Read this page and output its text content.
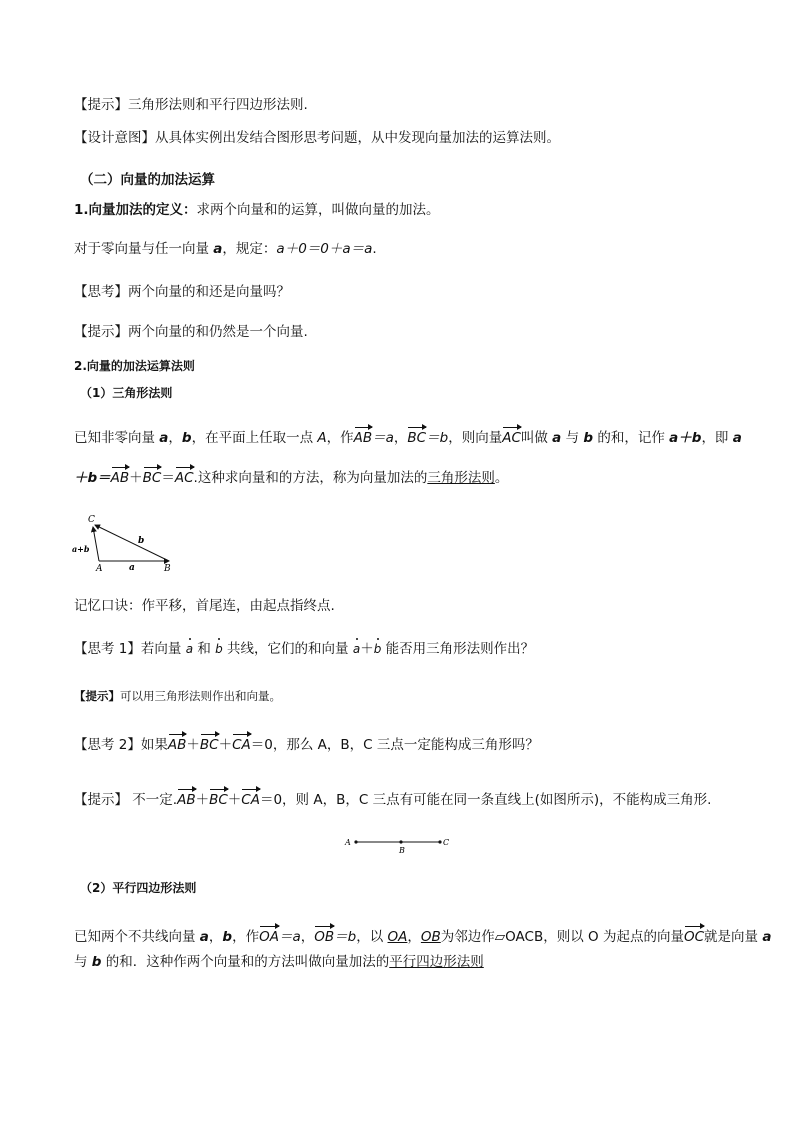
【提示】三角形法则和平行四边形法则.
【设计意图】从具体实例出发结合图形思考问题，从中发现向量加法的运算法则。
（二）向量的加法运算
1.向量加法的定义：求两个向量和的运算，叫做向量的加法。
对于零向量与任一向量 a，规定：a＋0＝0＋a＝a.
【思考】两个向量的和还是向量吗？
【提示】两个向量的和仍然是一个向量.
2.向量的加法运算法则
（1）三角形法则
已知非零向量 a，b，在平面上任取一点 A，作AB＝a，BC＝b，则向量AC叫做 a 与 b 的和，记作 a＋b，即 a
＋b＝AB＋BC＝AC.这种求向量和的方法，称为向量加法的三角形法则。
C
A	B
a
b
a+b
记忆口诀：作平移，首尾连，由起点指终点.
【思考 1】若向量 a 和 b 共线，它们的和向量 a＋b 能否用三角形法则作出？
【提示】可以用三角形法则作出和向量。
【思考 2】如果AB＋BC＋CA＝0，那么 A，B，C 三点一定能构成三角形吗？
【提示】 不一定.AB＋BC＋CA＝0，则 A，B，C 三点有可能在同一条直线上(如图所示)，不能构成三角形.
A
B
C
（2）平行四边形法则
已知两个不共线向量 a，b，作OA＝a，OB＝b，以 OA，OB为邻边作▱OACB，则以 O 为起点的向量OC就是向量 a
与 b 的和．这种作两个向量和的方法叫做向量加法的平行四边形法则
